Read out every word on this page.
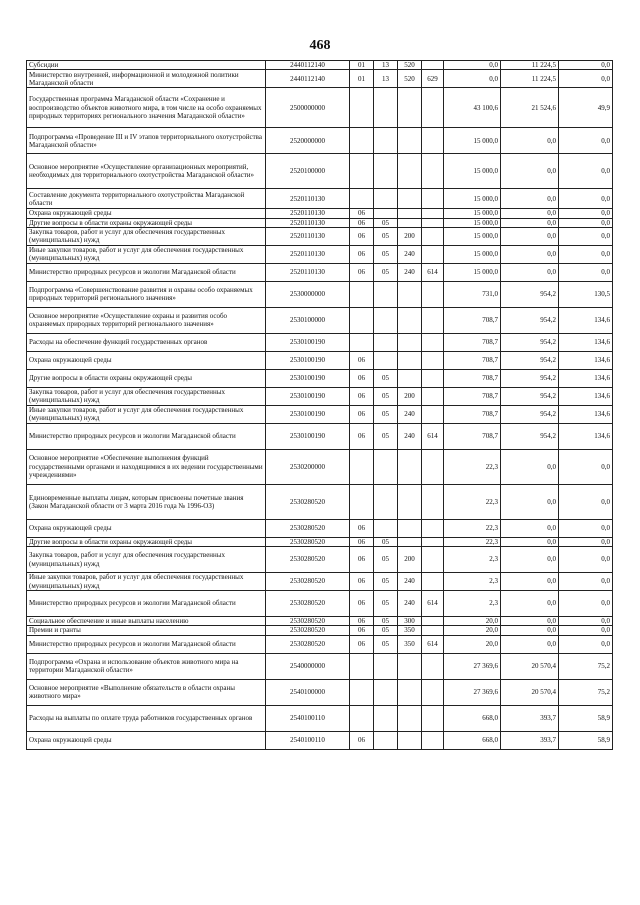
468
Субсидии	2440112140	01	13	520		0,0	11 224,5	0,0
Министерство внутренней, информационной и молодежной политики Магаданской области	2440112140	01	13	520	629	0,0	11 224,5	0,0
Государственная программа Магаданской области «Сохранение и воспроизводство объектов животного мира, в том числе на особо охраняемых природных территориях регионального значения Магаданской области»	2500000000					43 100,6	21 524,6	49,9
Подпрограмма «Проведение III и IV этапов территориального охотустройства Магаданской области»	2520000000					15 000,0	0,0	0,0
Основное мероприятие «Осуществление организационных мероприятий, необходимых для территориального охотустройства Магаданской области»	2520100000					15 000,0	0,0	0,0
Составление документа территориального охотустройства Магаданской области	2520110130					15 000,0	0,0	0,0
Охрана окружающей среды	2520110130	06				15 000,0	0,0	0,0
Другие вопросы в области охраны окружающей среды	2520110130	06	05			15 000,0	0,0	0,0
Закупка товаров, работ и услуг для обеспечения государственных (муниципальных) нужд	2520110130	06	05	200		15 000,0	0,0	0,0
Иные закупки товаров, работ и услуг для обеспечения государственных (муниципальных) нужд	2520110130	06	05	240		15 000,0	0,0	0,0
Министерство природных ресурсов и экологии Магаданской области	2520110130	06	05	240	614	15 000,0	0,0	0,0
Подпрограмма «Совершенствование развития и охраны особо охраняемых природных территорий регионального значения»	2530000000					731,0	954,2	130,5
Основное мероприятие «Осуществление охраны и развития особо охраняемых природных территорий регионального значения»	2530100000					708,7	954,2	134,6
Расходы на обеспечение функций государственных органов	2530100190					708,7	954,2	134,6
Охрана окружающей среды	2530100190	06				708,7	954,2	134,6
Другие вопросы в области охраны окружающей среды	2530100190	06	05			708,7	954,2	134,6
Закупка товаров, работ и услуг для обеспечения государственных (муниципальных) нужд	2530100190	06	05	200		708,7	954,2	134,6
Иные закупки товаров, работ и услуг для обеспечения государственных (муниципальных) нужд	2530100190	06	05	240		708,7	954,2	134,6
Министерство природных ресурсов и экологии Магаданской области	2530100190	06	05	240	614	708,7	954,2	134,6
Основное мероприятие «Обеспечение выполнения функций государственными органами и находящимися в их ведении государственными учреждениями»	2530200000					22,3	0,0	0,0
Единовременные выплаты лицам, которым присвоены почетные звания (Закон Магаданской области от 3 марта 2016 года № 1996-ОЗ)	2530280520					22,3	0,0	0,0
Охрана окружающей среды	2530280520	06				22,3	0,0	0,0
Другие вопросы в области охраны окружающей среды	2530280520	06	05			22,3	0,0	0,0
Закупка товаров, работ и услуг для обеспечения государственных (муниципальных) нужд	2530280520	06	05	200		2,3	0,0	0,0
Иные закупки товаров, работ и услуг для обеспечения государственных (муниципальных) нужд	2530280520	06	05	240		2,3	0,0	0,0
Министерство природных ресурсов и экологии Магаданской области	2530280520	06	05	240	614	2,3	0,0	0,0
Социальное обеспечение и иные выплаты населению	2530280520	06	05	300		20,0	0,0	0,0
Премии и гранты	2530280520	06	05	350		20,0	0,0	0,0
Министерство природных ресурсов и экологии Магаданской области	2530280520	06	05	350	614	20,0	0,0	0,0
Подпрограмма «Охрана и использование объектов животного мира на территории Магаданской области»	2540000000					27 369,6	20 570,4	75,2
Основное мероприятие «Выполнение обязательств в области охраны животного мира»	2540100000					27 369,6	20 570,4	75,2
Расходы на выплаты по оплате труда работников государственных органов	2540100110					668,0	393,7	58,9
Охрана окружающей среды	2540100110	06				668,0	393,7	58,9
